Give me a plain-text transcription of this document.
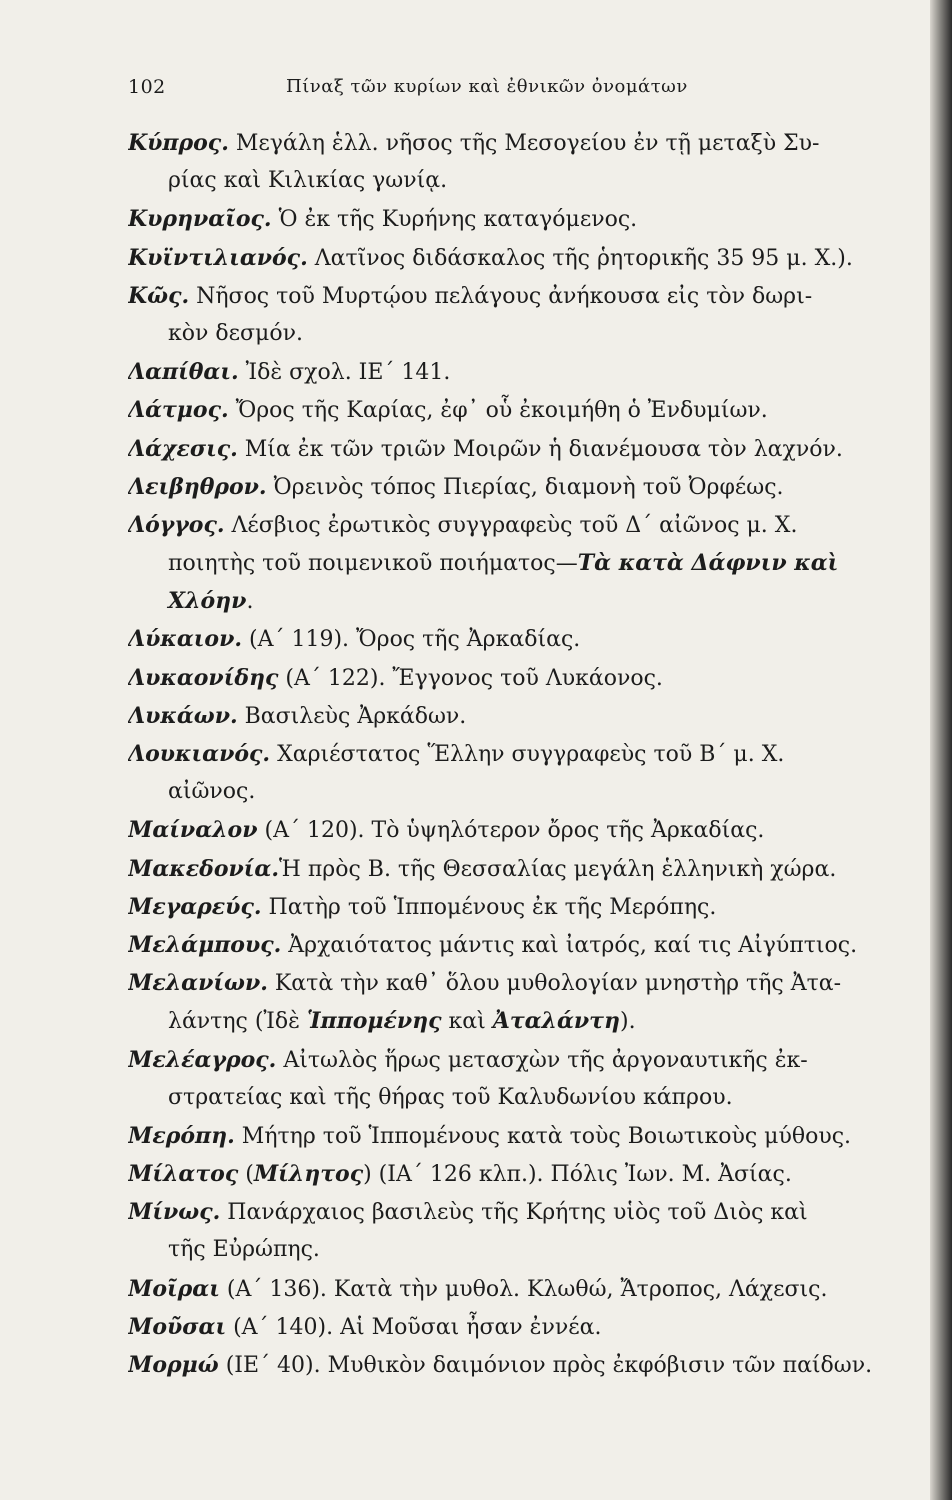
102	Πίναξ τῶν κυρίων καὶ ἐθνικῶν ὀνομάτων
Κύπρος. Μεγάλη ἑλλ. νῆσος τῆς Μεσογείου ἐν τῇ μεταξὺ Συ-
ρίας καὶ Κιλικίας γωνίᾳ.
Κυρηναῖος. Ὁ ἐκ τῆς Κυρήνης καταγόμενος.
Κυϊντιλιανός. Λατῖνος διδάσκαλος τῆς ῥητορικῆς 35 95 μ. Χ.).
Κῶς. Νῆσος τοῦ Μυρτῴου πελάγους ἀνήκουσα εἰς τὸν δωρι-
κὸν δεσμόν.
Λαπίθαι. Ἰδὲ σχολ. ΙΕ΄ 141.
Λάτμος. Ὄρος τῆς Καρίας, ἐφ᾿ οὗ ἐκοιμήθη ὁ Ἐνδυμίων.
Λάχεσις. Μία ἐκ τῶν τριῶν Μοιρῶν ἡ διανέμουσα τὸν λαχνόν.
Λειβηθρον. Ὀρεινὸς τόπος Πιερίας, διαμονὴ τοῦ Ὀρφέως.
Λόγγος. Λέσβιος ἐρωτικὸς συγγραφεὺς τοῦ Δ΄ αἰῶνος μ. Χ.
ποιητὴς τοῦ ποιμενικοῦ ποιήματος—Τὰ κατὰ Δάφνιν καὶ
Χλόην.
Λύκαιον. (Α΄ 119). Ὄρος τῆς Ἀρκαδίας.
Λυκαονίδης (Α΄ 122). Ἔγγονος τοῦ Λυκάονος.
Λυκάων. Βασιλεὺς Ἀρκάδων.
Λουκιανός. Χαριέστατος Ἕλλην συγγραφεὺς τοῦ Β΄ μ. Χ.
αἰῶνος.
Μαίναλον (Α΄ 120). Τὸ ὑψηλότερον ὄρος τῆς Ἀρκαδίας.
Μακεδονία.Ἡ πρὸς Β. τῆς Θεσσαλίας μεγάλη ἑλληνικὴ χώρα.
Μεγαρεύς. Πατὴρ τοῦ Ἱππομένους ἐκ τῆς Μερόπης.
Μελάμπους. Ἀρχαιότατος μάντις καὶ ἰατρός, καί τις Αἰγύπτιος.
Μελανίων. Κατὰ τὴν καθ᾿ ὅλου μυθολογίαν μνηστὴρ τῆς Ἀτα-
λάντης (Ἰδὲ Ἱππομένης καὶ Ἀταλάντη).
Μελέαγρος. Αἰτωλὸς ἥρως μετασχὼν τῆς ἀργοναυτικῆς ἐκ-
στρατείας καὶ τῆς θήρας τοῦ Καλυδωνίου κάπρου.
Μερόπη. Μήτηρ τοῦ Ἱππομένους κατὰ τοὺς Βοιωτικοὺς μύθους.
Μίλατος (Μίλητος) (ΙΑ΄ 126 κλπ.). Πόλις Ἰων. Μ. Ἀσίας.
Μίνως. Πανάρχαιος βασιλεὺς τῆς Κρήτης υἱὸς τοῦ Διὸς καὶ
τῆς Εὐρώπης.
Μοῖραι (Α΄ 136). Κατὰ τὴν μυθολ. Κλωθώ, Ἄτροπος, Λάχεσις.
Μοῦσαι (Α΄ 140). Αἱ Μοῦσαι ἦσαν ἐννέα.
Μορμώ (ΙΕ΄ 40). Μυθικὸν δαιμόνιον πρὸς ἐκφόβισιν τῶν παίδων.
